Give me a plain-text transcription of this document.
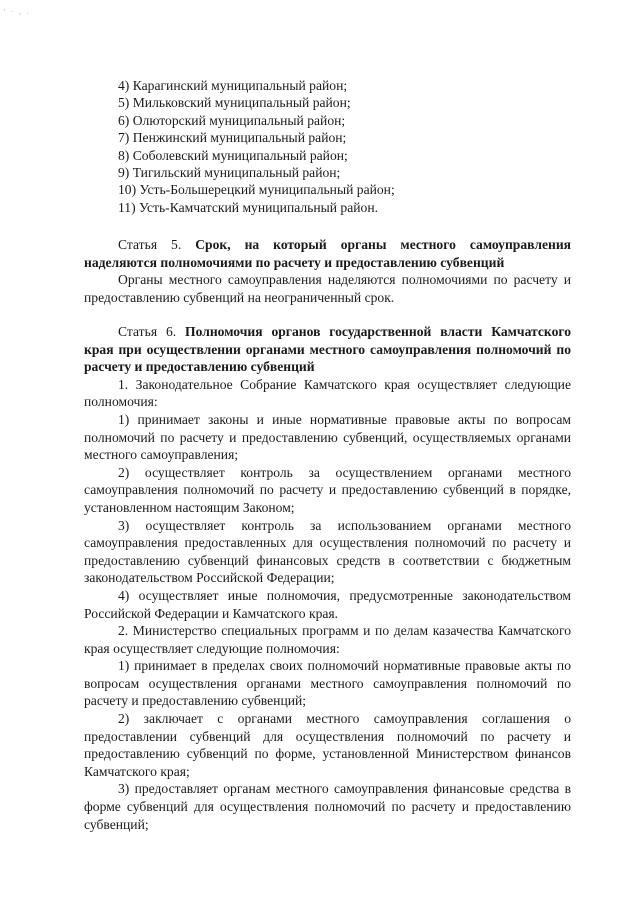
' · , .
4) Карагинский муниципальный район;
5) Мильковский муниципальный район;
6) Олюторский муниципальный район;
7) Пенжинский муниципальный район;
8) Соболевский муниципальный район;
9) Тигильский муниципальный район;
10) Усть-Большерецкий муниципальный район;
11) Усть-Камчатский муниципальный район.
Статья 5. Срок, на который органы местного самоуправления наделяются полномочиями по расчету и предоставлению субвенций
Органы местного самоуправления наделяются полномочиями по расчету и предоставлению субвенций на неограниченный срок.
Статья 6. Полномочия органов государственной власти Камчатского края при осуществлении органами местного самоуправления полномочий по расчету и предоставлению субвенций
1. Законодательное Собрание Камчатского края осуществляет следующие полномочия:
1) принимает законы и иные нормативные правовые акты по вопросам полномочий по расчету и предоставлению субвенций, осуществляемых органами местного самоуправления;
2) осуществляет контроль за осуществлением органами местного самоуправления полномочий по расчету и предоставлению субвенций в порядке, установленном настоящим Законом;
3) осуществляет контроль за использованием органами местного самоуправления предоставленных для осуществления полномочий по расчету и предоставлению субвенций финансовых средств в соответствии с бюджетным законодательством Российской Федерации;
4) осуществляет иные полномочия, предусмотренные законодательством Российской Федерации и Камчатского края.
2. Министерство специальных программ и по делам казачества Камчатского края осуществляет следующие полномочия:
1) принимает в пределах своих полномочий нормативные правовые акты по вопросам осуществления органами местного самоуправления полномочий по расчету и предоставлению субвенций;
2) заключает с органами местного самоуправления соглашения о предоставлении субвенций для осуществления полномочий по расчету и предоставлению субвенций по форме, установленной Министерством финансов Камчатского края;
3) предоставляет органам местного самоуправления финансовые средства в форме субвенций для осуществления полномочий по расчету и предоставлению субвенций;
